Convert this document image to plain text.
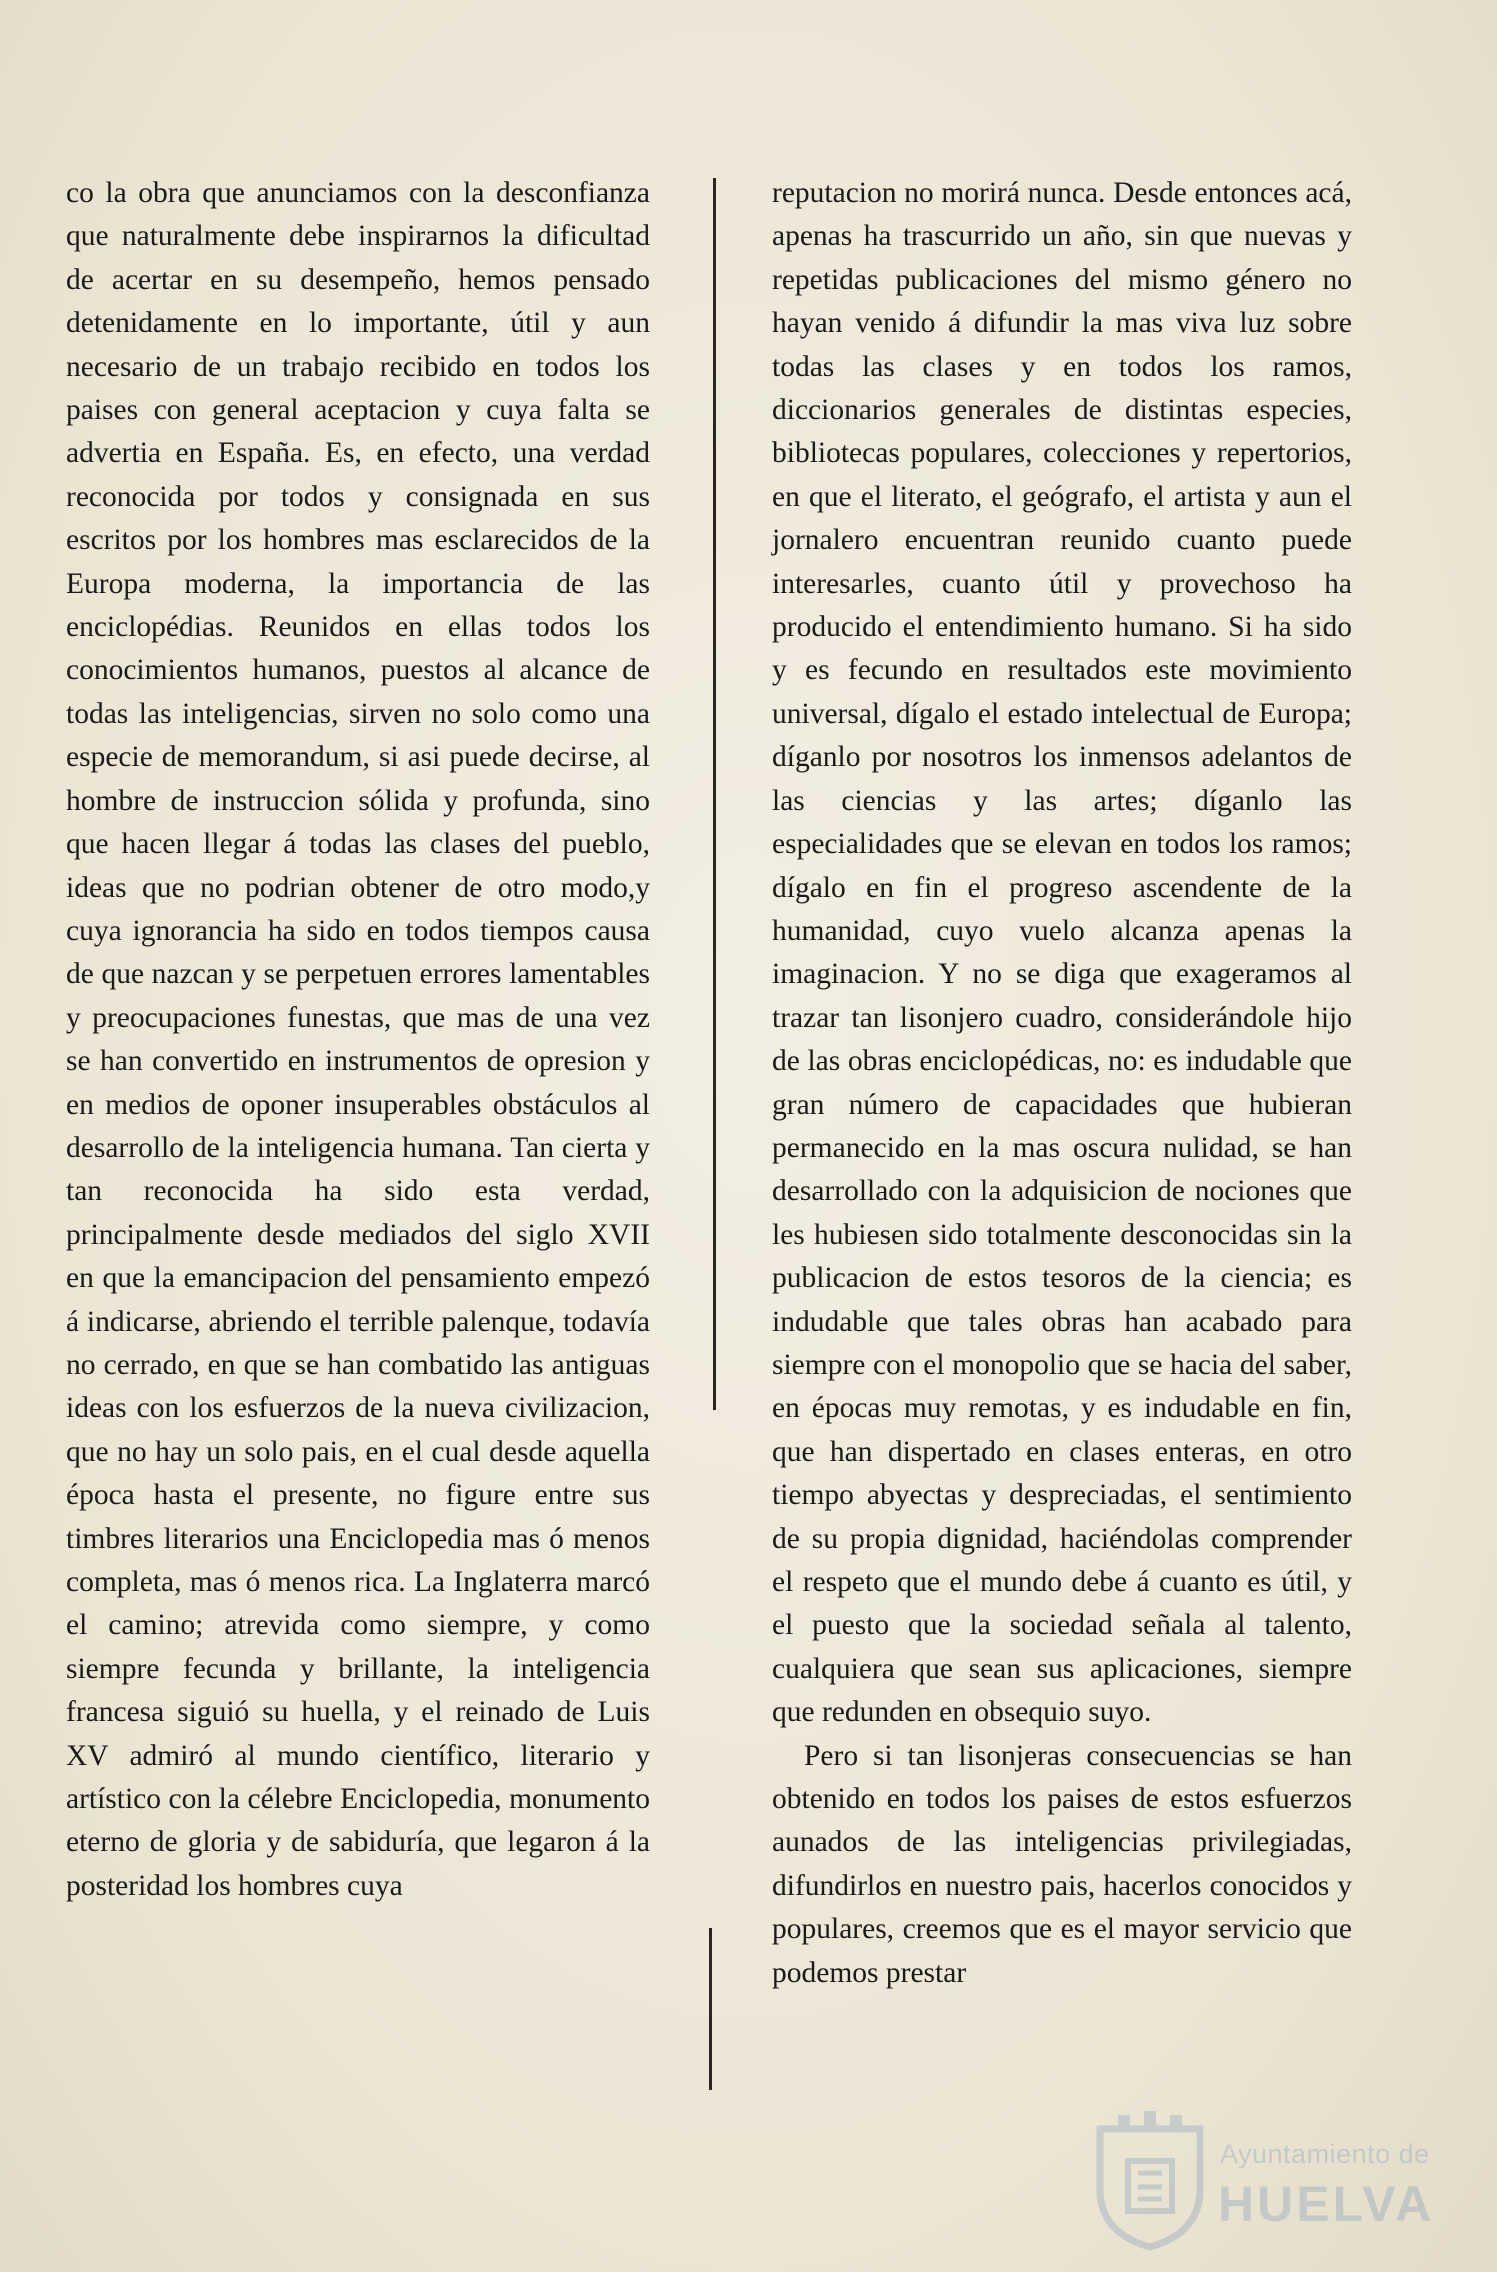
co la obra que anunciamos con la desconfianza que naturalmente debe inspirarnos la dificultad de acertar en su desempeño, hemos pensado detenidamente en lo importante, útil y aun necesario de un trabajo recibido en todos los paises con general aceptacion y cuya falta se advertia en España. Es, en efecto, una verdad reconocida por todos y consignada en sus escritos por los hombres mas esclarecidos de la Europa moderna, la importancia de las enciclopédias. Reunidos en ellas todos los conocimientos humanos, puestos al alcance de todas las inteligencias, sirven no solo como una especie de memorandum, si asi puede decirse, al hombre de instruccion sólida y profunda, sino que hacen llegar á todas las clases del pueblo, ideas que no podrian obtener de otro modo,y cuya ignorancia ha sido en todos tiempos causa de que nazcan y se perpetuen errores lamentables y preocupaciones funestas, que mas de una vez se han convertido en instrumentos de opresion y en medios de oponer insuperables obstáculos al desarrollo de la inteligencia humana. Tan cierta y tan reconocida ha sido esta verdad, principalmente desde mediados del siglo XVII en que la emancipacion del pensamiento empezó á indicarse, abriendo el terrible palenque, todavía no cerrado, en que se han combatido las antiguas ideas con los esfuerzos de la nueva civilizacion, que no hay un solo pais, en el cual desde aquella época hasta el presente, no figure entre sus timbres literarios una Enciclopedia mas ó menos completa, mas ó menos rica. La Inglaterra marcó el camino; atrevida como siempre, y como siempre fecunda y brillante, la inteligencia francesa siguió su huella, y el reinado de Luis XV admiró al mundo científico, literario y artístico con la célebre Enciclopedia, monumento eterno de gloria y de sabiduría, que legaron á la posteridad los hombres cuya

reputacion no morirá nunca. Desde entonces acá, apenas ha trascurrido un año, sin que nuevas y repetidas publicaciones del mismo género no hayan venido á difundir la mas viva luz sobre todas las clases y en todos los ramos, diccionarios generales de distintas especies, bibliotecas populares, colecciones y repertorios, en que el literato, el geógrafo, el artista y aun el jornalero encuentran reunido cuanto puede interesarles, cuanto útil y provechoso ha producido el entendimiento humano. Si ha sido y es fecundo en resultados este movimiento universal, dígalo el estado intelectual de Europa; díganlo por nosotros los inmensos adelantos de las ciencias y las artes; díganlo las especialidades que se elevan en todos los ramos; dígalo en fin el progreso ascendente de la humanidad, cuyo vuelo alcanza apenas la imaginacion. Y no se diga que exageramos al trazar tan lisonjero cuadro, considerándole hijo de las obras enciclopédicas, no: es indudable que gran número de capacidades que hubieran permanecido en la mas oscura nulidad, se han desarrollado con la adquisicion de nociones que les hubiesen sido totalmente desconocidas sin la publicacion de estos tesoros de la ciencia; es indudable que tales obras han acabado para siempre con el monopolio que se hacia del saber, en épocas muy remotas, y es indudable en fin, que han dispertado en clases enteras, en otro tiempo abyectas y despreciadas, el sentimiento de su propia dignidad, haciéndolas comprender el respeto que el mundo debe á cuanto es útil, y el puesto que la sociedad señala al talento, cualquiera que sean sus aplicaciones, siempre que redunden en obsequio suyo.

Pero si tan lisonjeras consecuencias se han obtenido en todos los paises de estos esfuerzos aunados de las inteligencias privilegiadas, difundirlos en nuestro pais, hacerlos conocidos y populares, creemos que es el mayor servicio que podemos prestar

Ayuntamiento de
HUELVA
